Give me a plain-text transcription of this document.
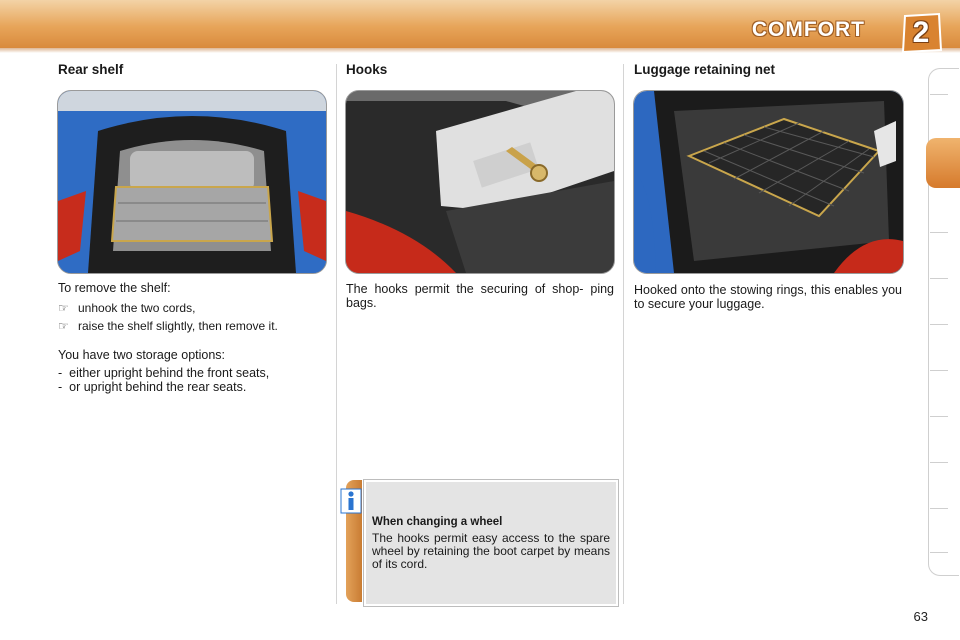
COMFORT	2
Rear shelf

To remove the shelf:

☞ unhook the two cords,
☞ raise the shelf slightly, then remove it.

You have two storage options:

- either upright behind the front seats,
- or upright behind the rear seats.
Hooks

The hooks permit the securing of shop- ping bags.

Luggage retaining net

Hooked onto the stowing rings, this enables you to secure your luggage.

When changing a wheel

The hooks permit easy access to the spare wheel by retaining the boot carpet by means of its cord.

63
